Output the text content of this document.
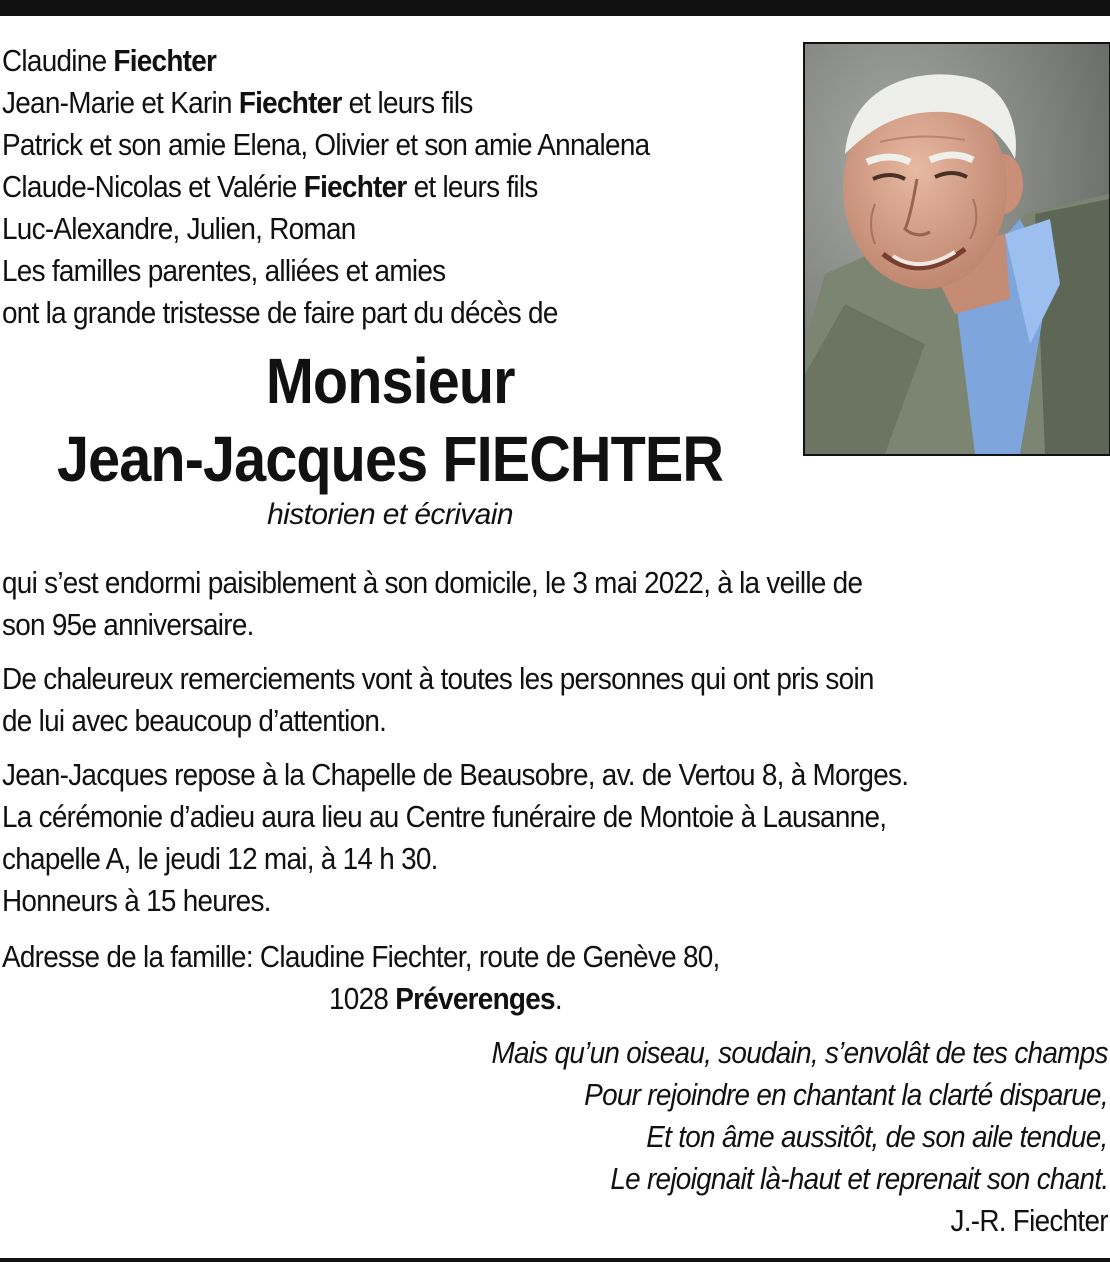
Claudine Fiechter
Jean-Marie et Karin Fiechter et leurs fils
Patrick et son amie Elena, Olivier et son amie Annalena
Claude-Nicolas et Valérie Fiechter et leurs fils
Luc-Alexandre, Julien, Roman
Les familles parentes, alliées et amies
ont la grande tristesse de faire part du décès de
Monsieur
Jean-Jacques FIECHTER
historien et écrivain
qui s’est endormi paisiblement à son domicile, le 3 mai 2022, à la veille de
son 95e anniversaire.
De chaleureux remerciements vont à toutes les personnes qui ont pris soin
de lui avec beaucoup d’attention.
Jean-Jacques repose à la Chapelle de Beausobre, av. de Vertou 8, à Morges.
La cérémonie d’adieu aura lieu au Centre funéraire de Montoie à Lausanne,
chapelle A, le jeudi 12 mai, à 14 h 30.
Honneurs à 15 heures.
Adresse de la famille: Claudine Fiechter, route de Genève 80,
1028 Préverenges.
Mais qu’un oiseau, soudain, s’envolât de tes champs
Pour rejoindre en chantant la clarté disparue,
Et ton âme aussitôt, de son aile tendue,
Le rejoignait là-haut et reprenait son chant.
J.-R. Fiechter
